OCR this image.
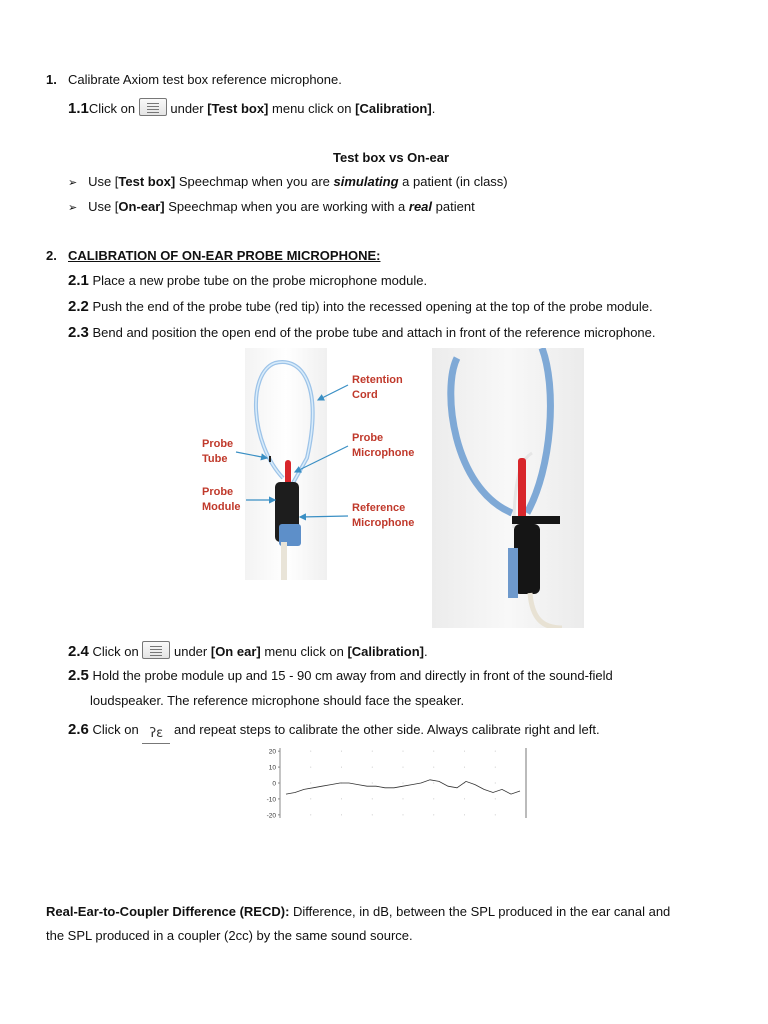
1. Calibrate Axiom test box reference microphone.
1.1Click on	under [Test box] menu click on [Calibration].
Test box vs On-ear
➢ Use [Test box] Speechmap when you are simulating a patient (in class)
➢ Use [On-ear] Speechmap when you are working with a real patient
2. CALIBRATION OF ON-EAR PROBE MICROPHONE:
2.1 Place a new probe tube on the probe microphone module.
2.2 Push the end of the probe tube (red tip) into the recessed opening at the top of the probe module.
2.3 Bend and position the open end of the probe tube and attach in front of the reference microphone.
Retention Cord
Probe Tube
Probe Microphone
Probe Module	Reference Microphone
2.4 Click on	under [On ear] menu click on [Calibration].
2.5 Hold the probe module up and 15 - 90 cm away from and directly in front of the sound-field
loudspeaker. The reference microphone should face the speaker.
2.6 Click on ʔɛ and repeat steps to calibrate the other side. Always calibrate right and left.
20
10
0
-10
-20
Real-Ear-to-Coupler Difference (RECD): Difference, in dB, between the SPL produced in the ear canal and
the SPL produced in a coupler (2cc) by the same sound source.
